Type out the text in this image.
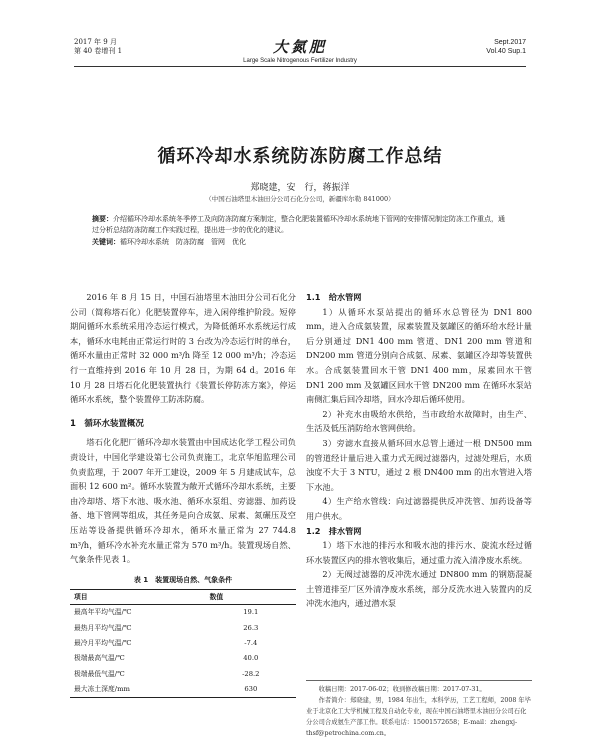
2017 年 9 月
第 40 卷增刊 1	大氮肥
Large Scale Nitrogenous Fertilizer Industry
Sept.2017
Vol.40 Sup.1
循环冷却水系统防冻防腐工作总结
郑晓建，安　行，蒋振洋
（中国石油塔里木油田分公司石化分公司，新疆库尔勒 841000）
摘要：介绍循环冷却水系统冬季停工及向防冻防腐方案制定，整合化肥装置循环冷却水系统地下管网的安排情况制定防冻工作重点，通过分析总结防冻防腐工作实践过程，提出进一步的优化的建议。
关键词：循环冷却水系统　防冻防腐　管网　优化

2016 年 8 月 15 日，中国石油塔里木油田分公司石化分公司（简称塔石化）化肥装置停车，进入闲停维护阶段。短停期间循环水系统采用冷态运行模式，为降低循环水系统运行成本，循环水电耗由正常运行时的 3 台改为冷态运行时的单台，循环水量由正常时 32 000 m³/h 降至 12 000 m³/h；冷态运行一直维持到 2016 年 10 月 28 日，为期 64 d。2016 年 10 月 28 日塔石化化肥装置执行《装置长停防冻方案》，停运循环水系统，整个装置停工防冻防腐。

1　循环水装置概况

塔石化化肥厂循环冷却水装置由中国成达化学工程公司负责设计，中国化学建设第七公司负责施工，北京华旭监理公司负责监理，于 2007 年开工建设，2009 年 5 月建成试车，总面积 12 600 m²。循环水装置为敞开式循环冷却水系统，主要由冷却塔、塔下水池、吸水池、循环水泵组、旁滤器、加药设备、地下管网等组成，其任务是向合成氨、尿素、氮碾压及空压站等设备提供循环冷却水，循环水量正常为 27 744.8 m³/h，循环冷水补充水量正常为 570 m³/h。装置现场自然、气象条件见表 1。

表 1　装置现场自然、气象条件
项目	数值
最高年平均气温/℃	19.1
最热月平均气温/℃	26.3
最冷月平均气温/℃	-7.4
极端最高气温/℃	40.0
极端最低气温/℃	-28.2
最大冻土深度/mm	630
1.1　给水管网

1）从循环水泵站提出的循环水总管径为 DN1 800 mm，进入合成氨装置，尿素装置及氨罐区的循环给水经计量后分别通过 DN1 400 mm 管道、DN1 200 mm 管道和 DN200 mm 管道分别向合成氨、尿素、氨罐区冷却等装置供水。合成氨装置回水干管 DN1 400 mm，尿素回水干管 DN1 200 mm 及氨罐区回水干管 DN200 mm 在循环水泵站南侧汇集后回冷却塔，回水冷却后循环使用。

2）补充水由吸给水供给，当市政给水故障时，由生产、生活及低压消防给水管网供给。

3）旁滤水直接从循环回水总管上通过一根 DN500 mm 的管道经计量后进入重力式无阀过滤器内，过滤处理后，水质浊度不大于 3 NTU，通过 2 根 DN400 mm 的出水管进入塔下水池。

4）生产给水管线：向过滤器提供反冲洗管、加药设备等用户供水。

1.2　排水管网

1）塔下水池的排污水和吸水池的排污水、旋流水经过循环水装置区内的排水管收集后，通过重力流入清净废水系统。

2）无阀过滤器的反冲洗水通过 DN800 mm 的钢筋混凝土管道排至厂区外清净废水系统，部分反洗水进入装置内的反冲洗水池内，通过潜水泵

收稿日期：2017-06-02；收到修改稿日期：2017-07-31。

作者简介：郑晓建，男，1984 年出生，本科学历，工艺工程师，2008 年毕业于北京化工大学机械工程及自动化专业，现在中国石油塔里木油田分公司石化分公司合成氨生产部工作。联系电话：15001572658；E-mail：zhengxj-thsf@petrochina.com.cn。
